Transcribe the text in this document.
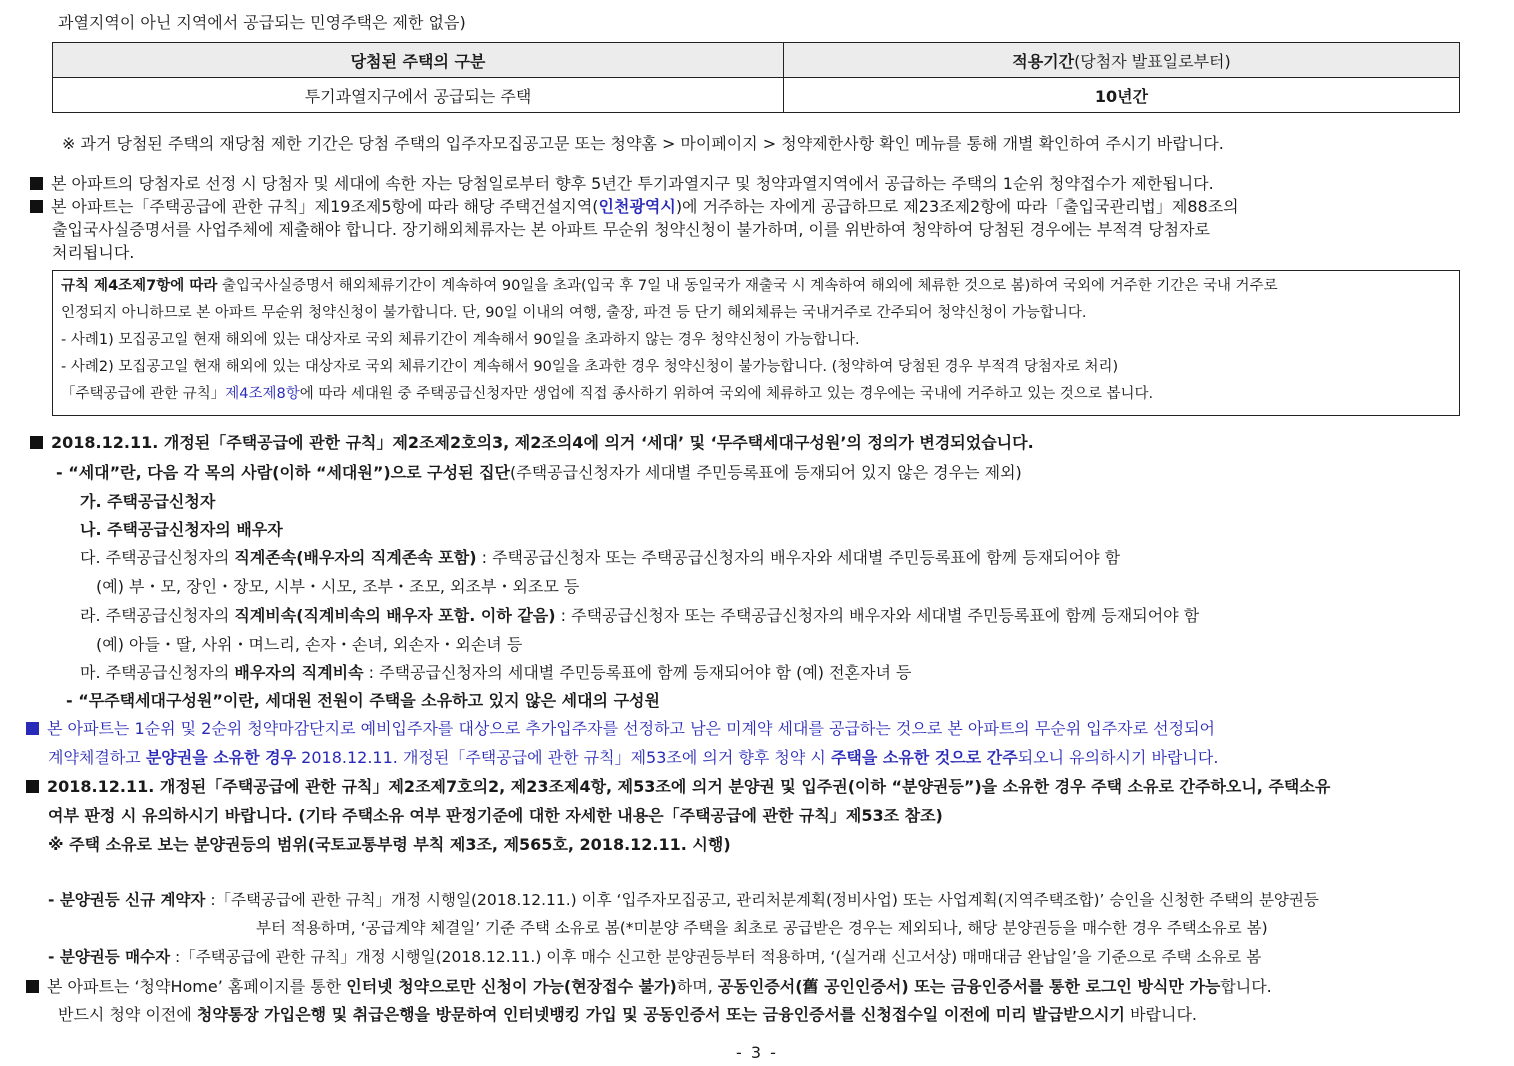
과열지역이 아닌 지역에서 공급되는 민영주택은 제한 없음)
당첨된 주택의 구분	적용기간(당첨자 발표일로부터)
투기과열지구에서 공급되는 주택	10년간
※ 과거 당첨된 주택의 재당첨 제한 기간은 당첨 주택의 입주자모집공고문 또는 청약홈 > 마이페이지 > 청약제한사항 확인 메뉴를 통해 개별 확인하여 주시기 바랍니다.
본 아파트의 당첨자로 선정 시 당첨자 및 세대에 속한 자는 당첨일로부터 향후 5년간 투기과열지구 및 청약과열지역에서 공급하는 주택의 1순위 청약접수가 제한됩니다.
본 아파트는「주택공급에 관한 규칙」제19조제5항에 따라 해당 주택건설지역(인천광역시)에 거주하는 자에게 공급하므로 제23조제2항에 따라「출입국관리법」제88조의
출입국사실증명서를 사업주체에 제출해야 합니다. 장기해외체류자는 본 아파트 무순위 청약신청이 불가하며, 이를 위반하여 청약하여 당첨된 경우에는 부적격 당첨자로
처리됩니다.
규칙 제4조제7항에 따라 출입국사실증명서 해외체류기간이 계속하여 90일을 초과(입국 후 7일 내 동일국가 재출국 시 계속하여 해외에 체류한 것으로 봄)하여 국외에 거주한 기간은 국내 거주로
인정되지 아니하므로 본 아파트 무순위 청약신청이 불가합니다. 단, 90일 이내의 여행, 출장, 파견 등 단기 해외체류는 국내거주로 간주되어 청약신청이 가능합니다.
- 사례1) 모집공고일 현재 해외에 있는 대상자로 국외 체류기간이 계속해서 90일을 초과하지 않는 경우 청약신청이 가능합니다.
- 사례2) 모집공고일 현재 해외에 있는 대상자로 국외 체류기간이 계속해서 90일을 초과한 경우 청약신청이 불가능합니다. (청약하여 당첨된 경우 부적격 당첨자로 처리)
「주택공급에 관한 규칙」제4조제8항에 따라 세대원 중 주택공급신청자만 생업에 직접 종사하기 위하여 국외에 체류하고 있는 경우에는 국내에 거주하고 있는 것으로 봅니다.
2018.12.11. 개정된「주택공급에 관한 규칙」제2조제2호의3, 제2조의4에 의거 ‘세대’ 및 ‘무주택세대구성원’의 정의가 변경되었습니다.
- “세대”란, 다음 각 목의 사람(이하 “세대원”)으로 구성된 집단(주택공급신청자가 세대별 주민등록표에 등재되어 있지 않은 경우는 제외)
가. 주택공급신청자
나. 주택공급신청자의 배우자
다. 주택공급신청자의 직계존속(배우자의 직계존속 포함) : 주택공급신청자 또는 주택공급신청자의 배우자와 세대별 주민등록표에 함께 등재되어야 함
(예) 부・모, 장인・장모, 시부・시모, 조부・조모, 외조부・외조모 등
라. 주택공급신청자의 직계비속(직계비속의 배우자 포함. 이하 같음) : 주택공급신청자 또는 주택공급신청자의 배우자와 세대별 주민등록표에 함께 등재되어야 함
(예) 아들・딸, 사위・며느리, 손자・손녀, 외손자・외손녀 등
마. 주택공급신청자의 배우자의 직계비속 : 주택공급신청자의 세대별 주민등록표에 함께 등재되어야 함 (예) 전혼자녀 등
- “무주택세대구성원”이란, 세대원 전원이 주택을 소유하고 있지 않은 세대의 구성원
본 아파트는 1순위 및 2순위 청약마감단지로 예비입주자를 대상으로 추가입주자를 선정하고 남은 미계약 세대를 공급하는 것으로 본 아파트의 무순위 입주자로 선정되어
계약체결하고 분양권을 소유한 경우 2018.12.11. 개정된「주택공급에 관한 규칙」제53조에 의거 향후 청약 시 주택을 소유한 것으로 간주되오니 유의하시기 바랍니다.
2018.12.11. 개정된「주택공급에 관한 규칙」제2조제7호의2, 제23조제4항, 제53조에 의거 분양권 및 입주권(이하 “분양권등”)을 소유한 경우 주택 소유로 간주하오니, 주택소유
여부 판정 시 유의하시기 바랍니다. (기타 주택소유 여부 판정기준에 대한 자세한 내용은「주택공급에 관한 규칙」제53조 참조)
※ 주택 소유로 보는 분양권등의 범위(국토교통부령 부칙 제3조, 제565호, 2018.12.11. 시행)
- 분양권등 신규 계약자 :「주택공급에 관한 규칙」개정 시행일(2018.12.11.) 이후 ‘입주자모집공고, 관리처분계획(정비사업) 또는 사업계획(지역주택조합)’ 승인을 신청한 주택의 분양권등
부터 적용하며, ‘공급계약 체결일’ 기준 주택 소유로 봄(*미분양 주택을 최초로 공급받은 경우는 제외되나, 해당 분양권등을 매수한 경우 주택소유로 봄)
- 분양권등 매수자 :「주택공급에 관한 규칙」개정 시행일(2018.12.11.) 이후 매수 신고한 분양권등부터 적용하며, ‘(실거래 신고서상) 매매대금 완납일’을 기준으로 주택 소유로 봄
본 아파트는 ‘청약Home’ 홈페이지를 통한 인터넷 청약으로만 신청이 가능(현장접수 불가)하며, 공동인증서(舊 공인인증서) 또는 금융인증서를 통한 로그인 방식만 가능합니다.
반드시 청약 이전에 청약통장 가입은행 및 취급은행을 방문하여 인터넷뱅킹 가입 및 공동인증서 또는 금융인증서를 신청접수일 이전에 미리 발급받으시기 바랍니다.
- 3 -
